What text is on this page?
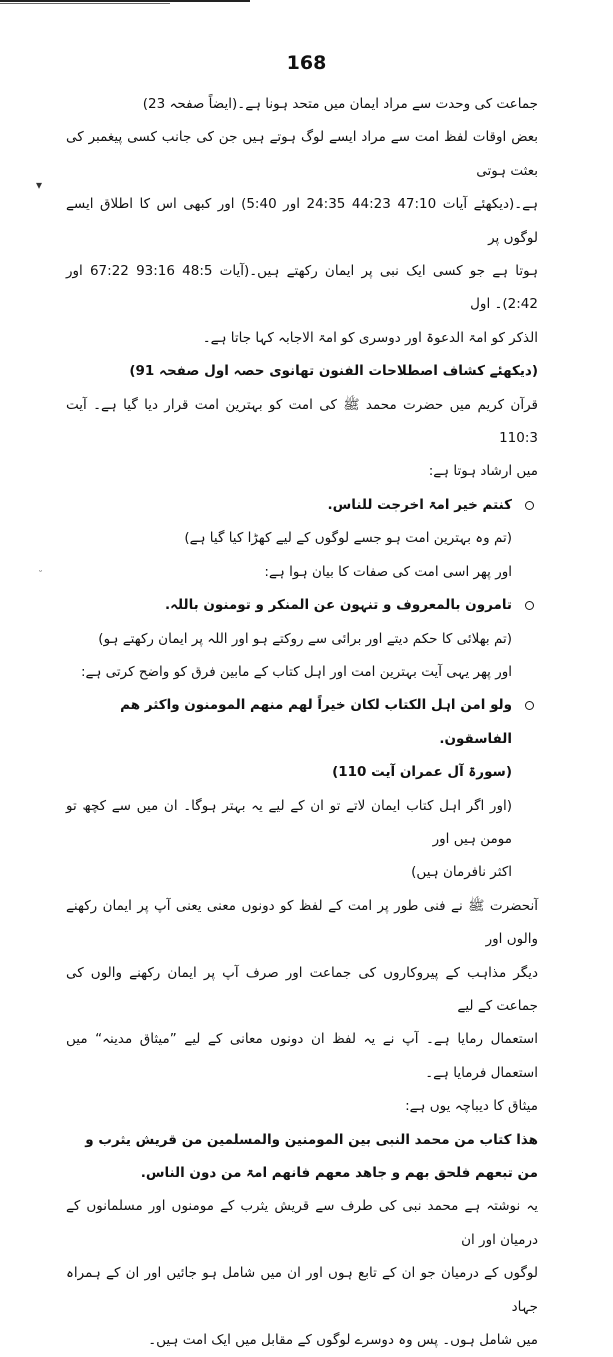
168
▾
 ˘

جماعت کی وحدت سے مراد ایمان میں متحد ہونا ہے۔(ایضاً صفحہ 23)

بعض اوقات لفظ امت سے مراد ایسے لوگ ہوتے ہیں جن کی جانب کسی پیغمبر کی بعثت ہوتی

ہے۔(دیکھئے آیات 47:10 44:23 24:35 اور 5:40) اور کبھی اس کا اطلاق ایسے لوگوں پر

ہوتا ہے جو کسی ایک نبی پر ایمان رکھتے ہیں۔(آیات 48:5 93:16 67:22 اور 2:42)۔ اول

الذکر کو امۃ الدعوۃ اور دوسری کو امۃ الاجابہ کہا جاتا ہے۔

(دیکھئے کشاف اصطلاحات الفنون تھانوی حصہ اول صفحہ 91)

قرآن کریم میں حضرت محمد ﷺ کی امت کو بہترین امت قرار دیا گیا ہے۔ آیت 110:3

میں ارشاد ہوتا ہے:

کنتم خیر امۃ اخرجت للناس.

(تم وہ بہترین امت ہو جسے لوگوں کے لیے کھڑا کیا گیا ہے)

اور پھر اسی امت کی صفات کا بیان ہوا ہے:

تامرون بالمعروف و تنہون عن المنکر و تومنون باللہ.

(تم بھلائی کا حکم دیتے اور برائی سے روکتے ہو اور اللہ پر ایمان رکھتے ہو)

اور پھر یہی آیت بہترین امت اور اہل کتاب کے مابین فرق کو واضح کرتی ہے:

ولو امن اہل الکتاب لکان خیراً لھم منھم المومنون واکثر ھم الفاسقون.

(سورۃ آل عمران آیت 110)

(اور اگر اہل کتاب ایمان لاتے تو ان کے لیے یہ بہتر ہوگا۔ ان میں سے کچھ تو مومن ہیں اور

اکثر نافرمان ہیں)

آنحضرت ﷺ نے فنی طور پر امت کے لفظ کو دونوں معنی یعنی آپ پر ایمان رکھنے والوں اور

دیگر مذاہب کے پیروکاروں کی جماعت اور صرف آپ پر ایمان رکھنے والوں کی جماعت کے لیے

استعمال رمایا ہے۔ آپ نے یہ لفظ ان دونوں معانی کے لیے ”میثاق مدینہ“ میں استعمال فرمایا ہے۔

میثاق کا دیباچہ یوں ہے:

ھذا کتاب من محمد النبی بین المومنین والمسلمین من قریش یثرب و

من تبعھم فلحق بھم و جاھد معھم فانھم امۃ من دون الناس.

یہ نوشتہ ہے محمد نبی کی طرف سے قریش یثرب کے مومنوں اور مسلمانوں کے درمیان اور ان

لوگوں کے درمیان جو ان کے تابع ہوں اور ان میں شامل ہو جائیں اور ان کے ہمراہ جہاد

میں شامل ہوں۔ پس وہ دوسرے لوگوں کے مقابل میں ایک امت ہیں۔
